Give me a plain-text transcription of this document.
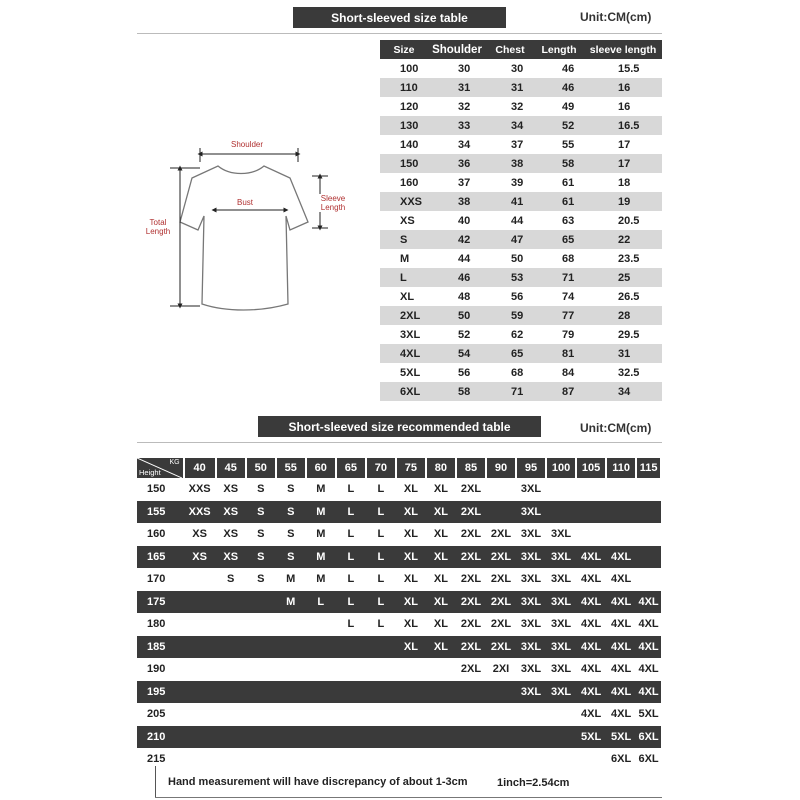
Short-sleeved size table	Unit:CM(cm)
Size	Shoulder	Chest	Length	sleeve length
100	30	30	46	15.5
110	31	31	46	16
120	32	32	49	16
130	33	34	52	16.5
140	34	37	55	17
150	36	38	58	17
160	37	39	61	18
XXS	38	41	61	19
XS	40	44	63	20.5
S	42	47	65	22
M	44	50	68	23.5
L	46	53	71	25
XL	48	56	74	26.5
2XL	50	59	77	28
3XL	52	62	79	29.5
4XL	54	65	81	31
5XL	56	68	84	32.5
6XL	58	71	87	34
Shoulder
Bust	Sleeve
Length
Total
Length
Short-sleeved size recommended table	Unit:CM(cm)
KG
Height	40	45	50	55	60	65	70	75	80	85	90	95	100	105	110	115
150	XXS	XS	S	S	M	L	L	XL	XL	2XL		3XL				
155	XXS	XS	S	S	M	L	L	XL	XL	2XL		3XL				
160	XS	XS	S	S	M	L	L	XL	XL	2XL	2XL	3XL	3XL			
165	XS	XS	S	S	M	L	L	XL	XL	2XL	2XL	3XL	3XL	4XL	4XL	
170		S	S	M	M	L	L	XL	XL	2XL	2XL	3XL	3XL	4XL	4XL	
175				M	L	L	L	XL	XL	2XL	2XL	3XL	3XL	4XL	4XL	4XL
180						L	L	XL	XL	2XL	2XL	3XL	3XL	4XL	4XL	4XL
185								XL	XL	2XL	2XL	3XL	3XL	4XL	4XL	4XL
190										2XL	2XI	3XL	3XL	4XL	4XL	4XL
195												3XL	3XL	4XL	4XL	4XL
205														4XL	4XL	5XL
210														5XL	5XL	6XL
215															6XL	6XL
Hand measurement will have discrepancy of about 1-3cm	1inch=2.54cm
